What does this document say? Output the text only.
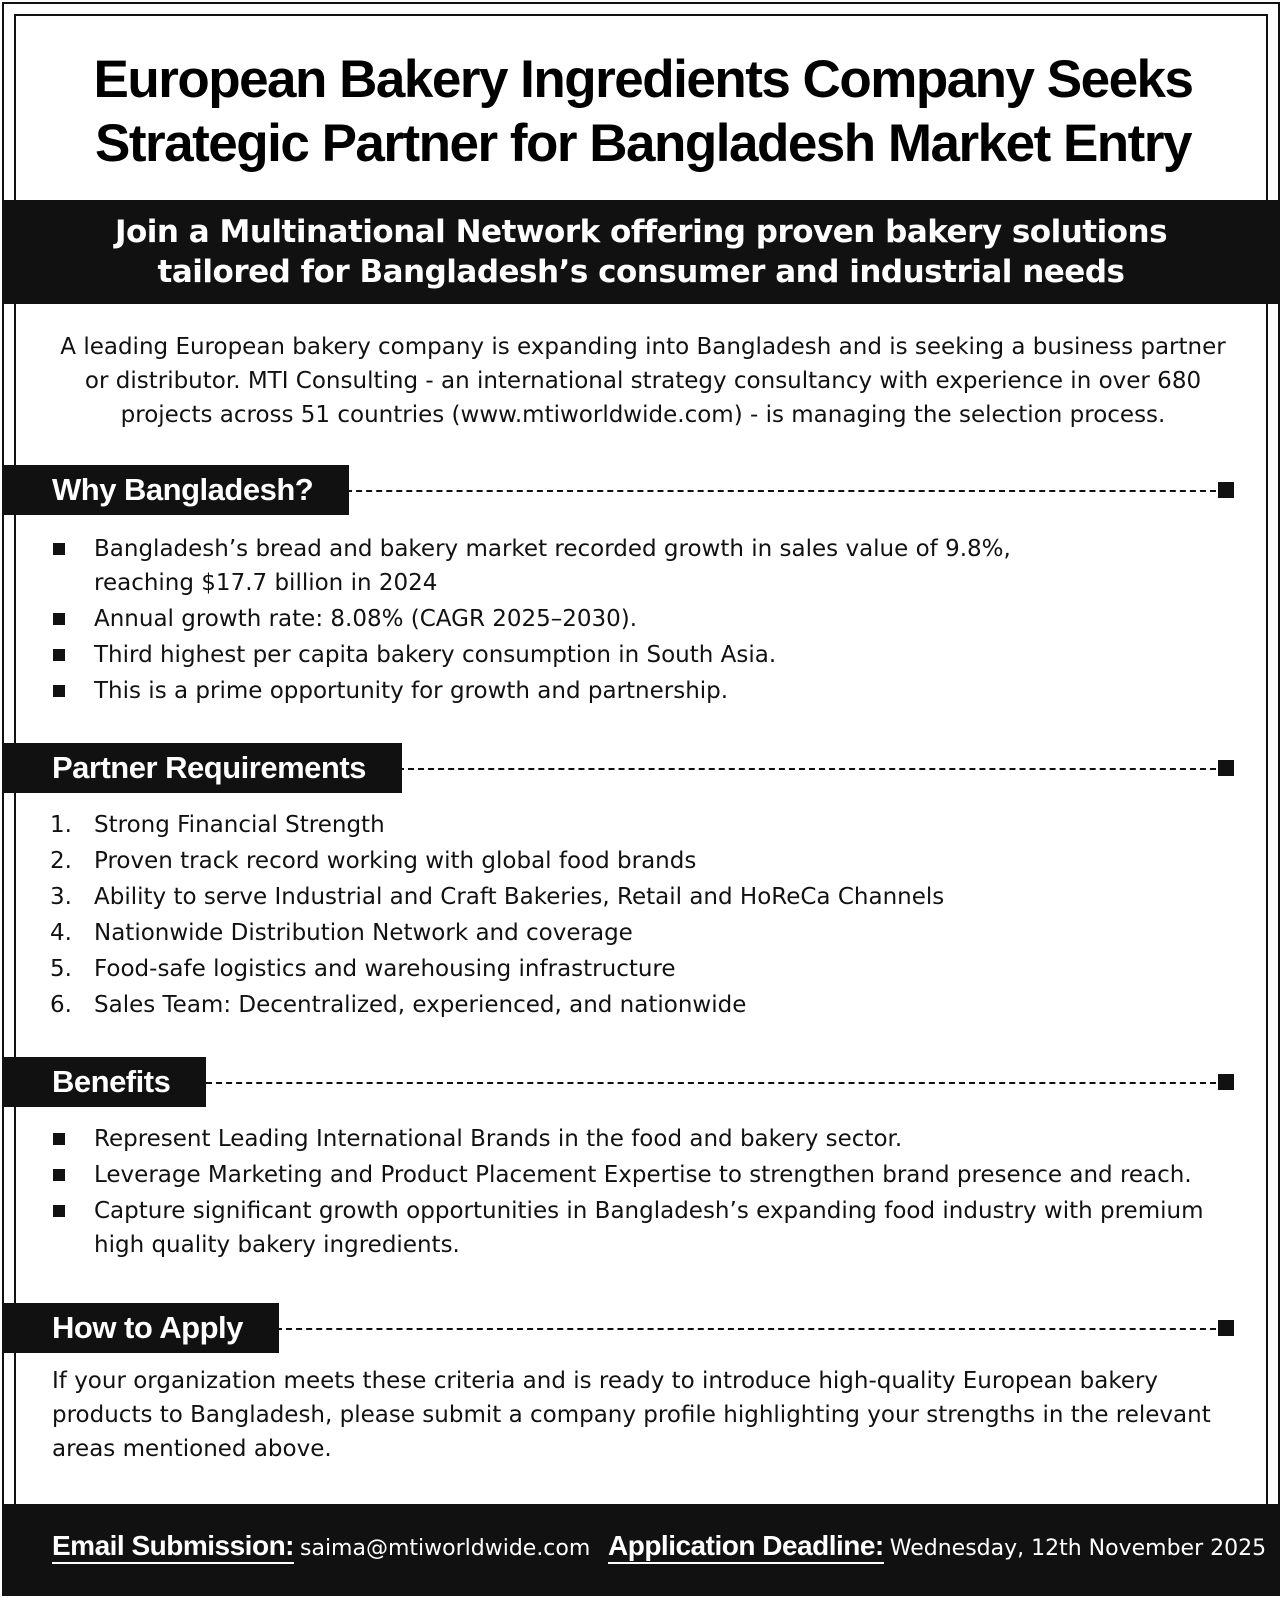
European Bakery Ingredients Company Seeks
Strategic Partner for Bangladesh Market Entry
Join a Multinational Network offering proven bakery solutions
tailored for Bangladesh’s consumer and industrial needs
A leading European bakery company is expanding into Bangladesh and is seeking a business partner
or distributor. MTI Consulting - an international strategy consultancy with experience in over 680
projects across 51 countries (www.mtiworldwide.com) - is managing the selection process.
Why Bangladesh?
Bangladesh’s bread and bakery market recorded growth in sales value of 9.8%, reaching $17.7 billion in 2024
Annual growth rate: 8.08% (CAGR 2025–2030).
Third highest per capita bakery consumption in South Asia.
This is a prime opportunity for growth and partnership.
Partner Requirements
1. Strong Financial Strength
2. Proven track record working with global food brands
3. Ability to serve Industrial and Craft Bakeries, Retail and HoReCa Channels
4. Nationwide Distribution Network and coverage
5. Food-safe logistics and warehousing infrastructure
6. Sales Team: Decentralized, experienced, and nationwide
Benefits
Represent Leading International Brands in the food and bakery sector.
Leverage Marketing and Product Placement Expertise to strengthen brand presence and reach.
Capture significant growth opportunities in Bangladesh’s expanding food industry with premium high quality bakery ingredients.
How to Apply
If your organization meets these criteria and is ready to introduce high-quality European bakery products to Bangladesh, please submit a company profile highlighting your strengths in the relevant areas mentioned above.
Email Submission: saima@mtiworldwide.com Application Deadline: Wednesday, 12th November 2025
